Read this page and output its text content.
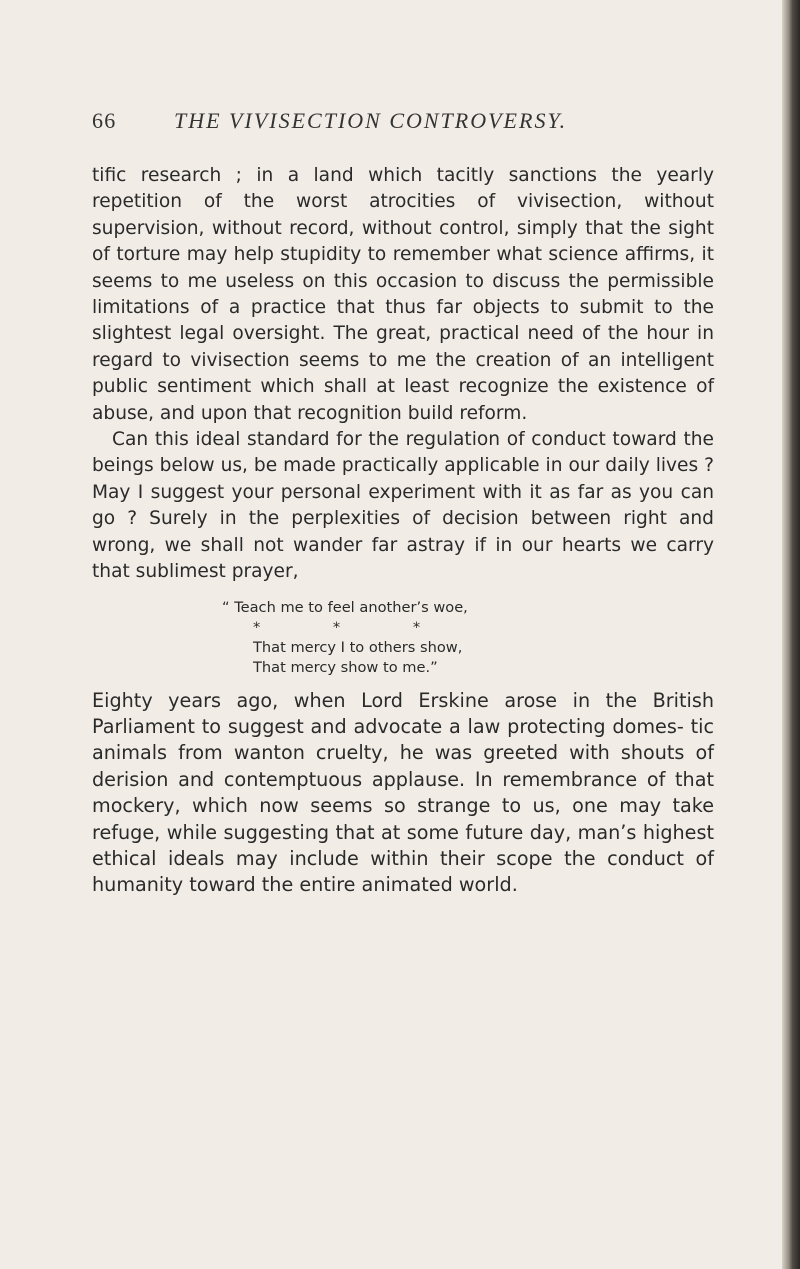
66	THE VIVISECTION CONTROVERSY.

tific research ; in a land which tacitly sanctions the yearly repetition of the worst atrocities of vivisection, without supervision, without record, without control, simply that the sight of torture may help stupidity to remember what science affirms, it seems to me useless on this occasion to discuss the permissible limitations of a practice that thus far objects to submit to the slightest legal oversight. The great, practical need of the hour in regard to vivisection seems to me the creation of an intelligent public sentiment which shall at least recognize the existence of abuse, and upon that recognition build reform.

Can this ideal standard for the regulation of conduct toward the beings below us, be made practically applicable in our daily lives ? May I suggest your personal experiment with it as far as you can go ? Surely in the perplexities of decision between right and wrong, we shall not wander far astray if in our hearts we carry that sublimest prayer,

“ Teach me to feel another’s woe,
* * *
That mercy I to others show,
That mercy show to me.”

Eighty years ago, when Lord Erskine arose in the British Parliament to suggest and advocate a law protecting domes- tic animals from wanton cruelty, he was greeted with shouts of derision and contemptuous applause. In remembrance of that mockery, which now seems so strange to us, one may take refuge, while suggesting that at some future day, man’s highest ethical ideals may include within their scope the conduct of humanity toward the entire animated world.
